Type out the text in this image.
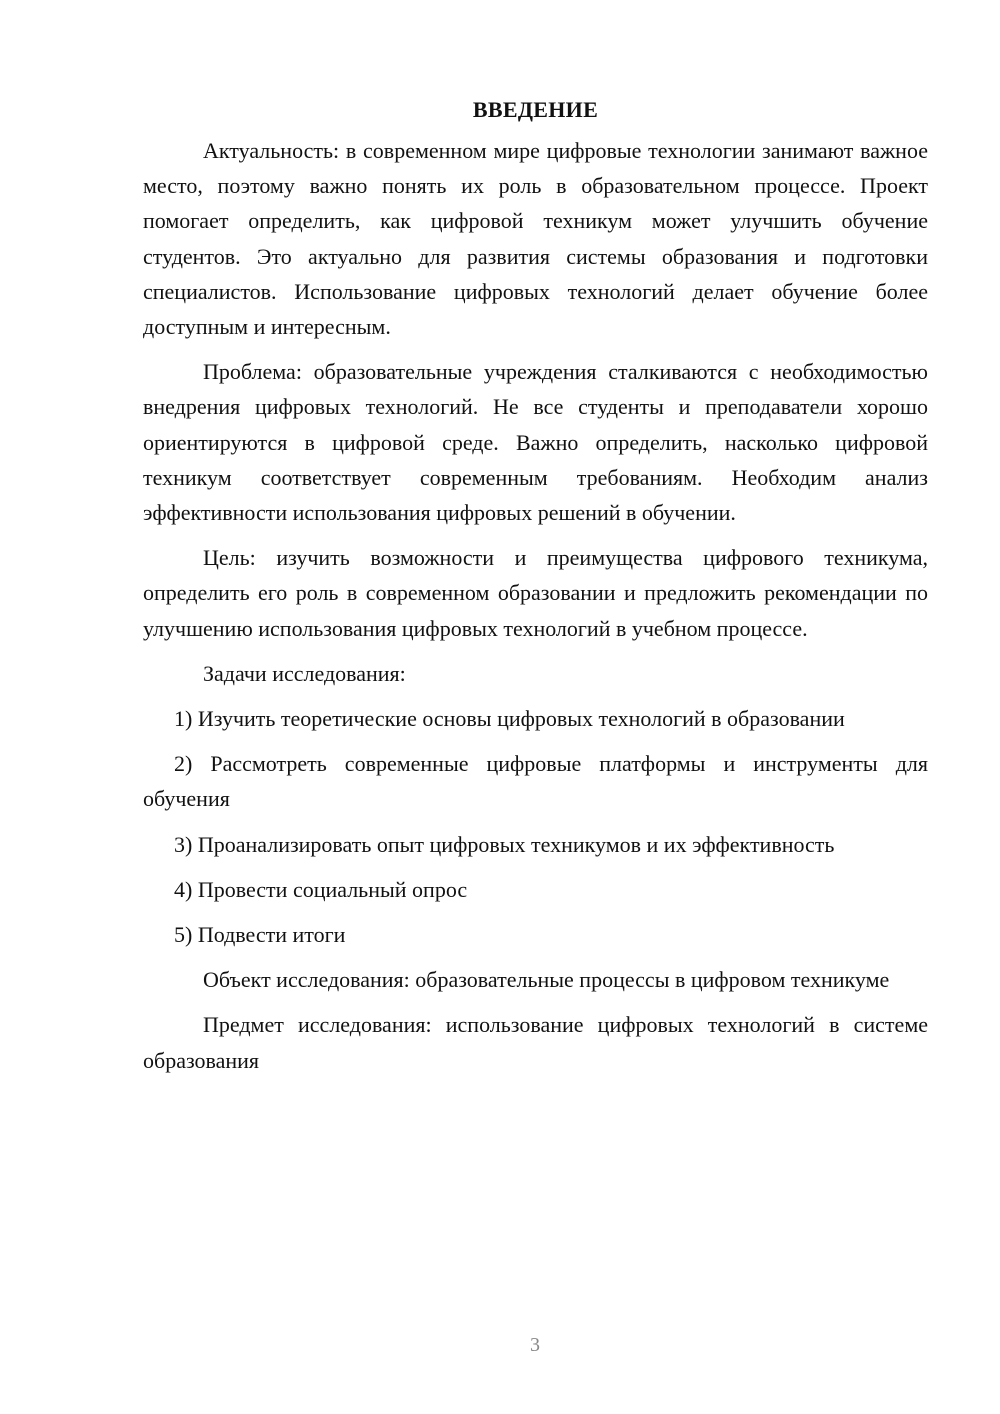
ВВЕДЕНИЕ

Актуальность: в современном мире цифровые технологии занимают важное место, поэтому важно понять их роль в образовательном процессе. Проект помогает определить, как цифровой техникум может улучшить обучение студентов. Это актуально для развития системы образования и подготовки специалистов. Использование цифровых технологий делает обучение более доступным и интересным.

Проблема: образовательные учреждения сталкиваются с необходимостью внедрения цифровых технологий. Не все студенты и преподаватели хорошо ориентируются в цифровой среде. Важно определить, насколько цифровой техникум соответствует современным требованиям. Необходим анализ эффективности использования цифровых решений в обучении.

Цель: изучить возможности и преимущества цифрового техникума, определить его роль в современном образовании и предложить рекомендации по улучшению использования цифровых технологий в учебном процессе.

Задачи исследования:

1) Изучить теоретические основы цифровых технологий в образовании

2) Рассмотреть современные цифровые платформы и инструменты для обучения

3) Проанализировать опыт цифровых техникумов и их эффективность

4) Провести социальный опрос

5) Подвести итоги

Объект исследования: образовательные процессы в цифровом техникуме

Предмет исследования: использование цифровых технологий в системе образования

3
